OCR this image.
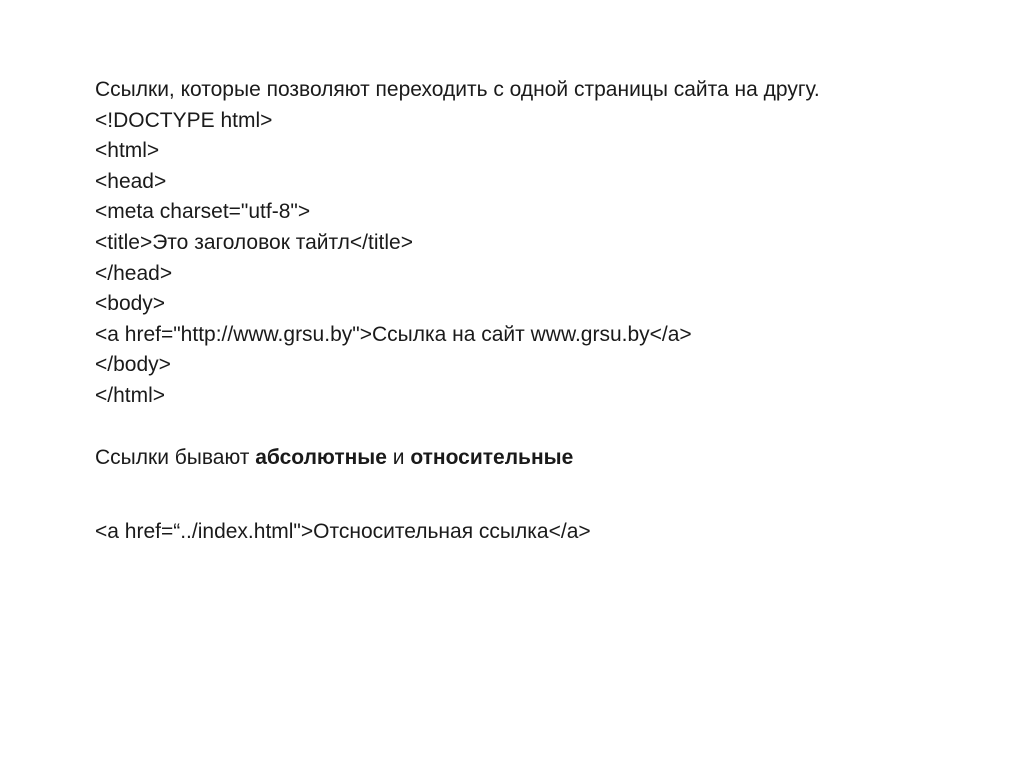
Ссылки, которые позволяют переходить с одной страницы сайта на другу.
<!DOCTYPE html>
<html>
<head>
<meta charset="utf-8">
<title>Это заголовок тайтл</title>
</head>
<body>
<a href="http://www.grsu.by">Ссылка на сайт www.grsu.by</a>
</body>
</html>
Ссылки бывают абсолютные и относительные
<a href=“../index.html">Отсносительная ссылка</a>
